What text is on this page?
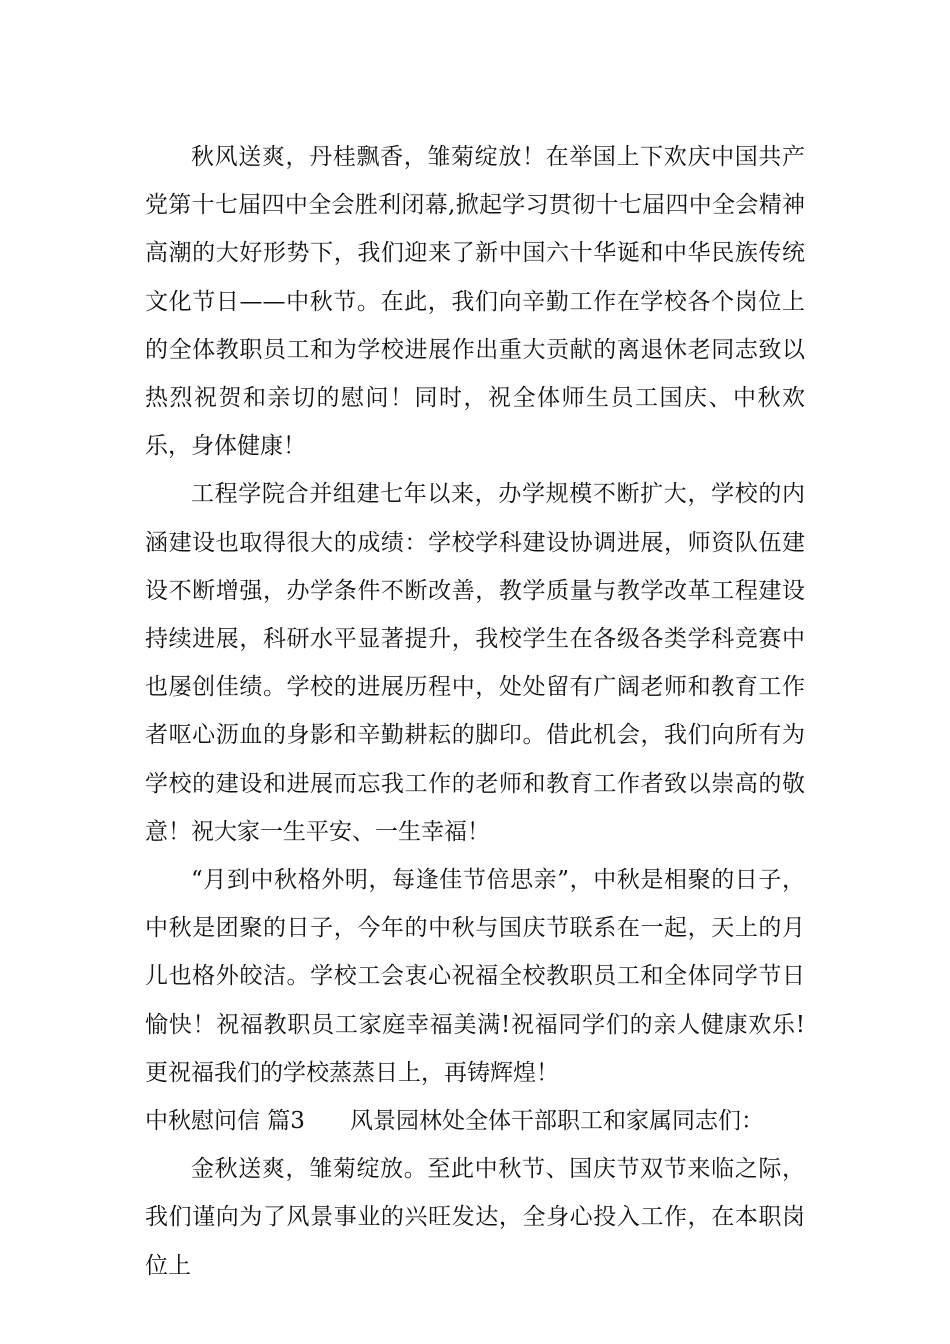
秋风送爽，丹桂飘香，雏菊绽放！在举国上下欢庆中国共产党第十七届四中全会胜利闭幕,掀起学习贯彻十七届四中全会精神高潮的大好形势下，我们迎来了新中国六十华诞和中华民族传统文化节日——中秋节。在此，我们向辛勤工作在学校各个岗位上的全体教职员工和为学校进展作出重大贡献的离退休老同志致以热烈祝贺和亲切的慰问！同时，祝全体师生员工国庆、中秋欢乐，身体健康！

工程学院合并组建七年以来，办学规模不断扩大，学校的内涵建设也取得很大的成绩：学校学科建设协调进展，师资队伍建设不断增强，办学条件不断改善，教学质量与教学改革工程建设持续进展，科研水平显著提升，我校学生在各级各类学科竞赛中也屡创佳绩。学校的进展历程中，处处留有广阔老师和教育工作者呕心沥血的身影和辛勤耕耘的脚印。借此机会，我们向所有为学校的建设和进展而忘我工作的老师和教育工作者致以崇高的敬意！祝大家一生平安、一生幸福！

“月到中秋格外明，每逢佳节倍思亲”，中秋是相聚的日子，中秋是团聚的日子，今年的中秋与国庆节联系在一起，天上的月儿也格外皎洁。学校工会衷心祝福全校教职员工和全体同学节日愉快！祝福教职员工家庭幸福美满!祝福同学们的亲人健康欢乐!更祝福我们的学校蒸蒸日上，再铸辉煌！

中秋慰问信 篇3 风景园林处全体干部职工和家属同志们：

金秋送爽，雏菊绽放。至此中秋节、国庆节双节来临之际，我们谨向为了风景事业的兴旺发达，全身心投入工作，在本职岗位上
